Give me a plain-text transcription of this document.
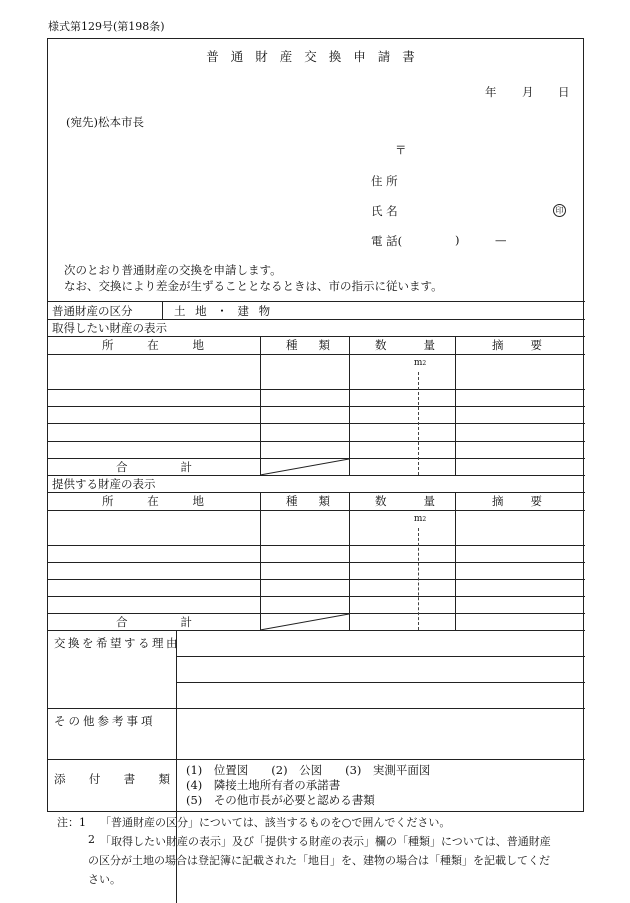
様式第129号(第198条)
普通財産交換申請書
年 月 日
(宛先)松本市長
〒
住 所
氏 名	印
電 話(	)	—
次のとおり普通財産の交換を申請します。
なお、交換により差金が生ずることとなるときは、市の指示に従います。
普通財産の区分	土 地 ・ 建 物
取得したい財産の表示
所	在	地	種 類	数	量	摘 要
m 2
合	計
提供する財産の表示
所	在	地	種 類	数	量	摘 要
m 2
合	計
交換を希望する理由
その他参考事項
添 付 書 類
(1)　位置図　　(2)　公図　　(3)　実測平面図
(4)　隣接土地所有者の承諾書
(5)　その他市長が必要と認める書類
注：1 「普通財産の区分」については、該当するものを○で囲んでください。
2 「取得したい財産の表示」及び「提供する財産の表示」欄の「種類」については、普通財産
の区分が土地の場合は登記簿に記載された「地目」を、建物の場合は「種類」を記載してくだ
さい。
